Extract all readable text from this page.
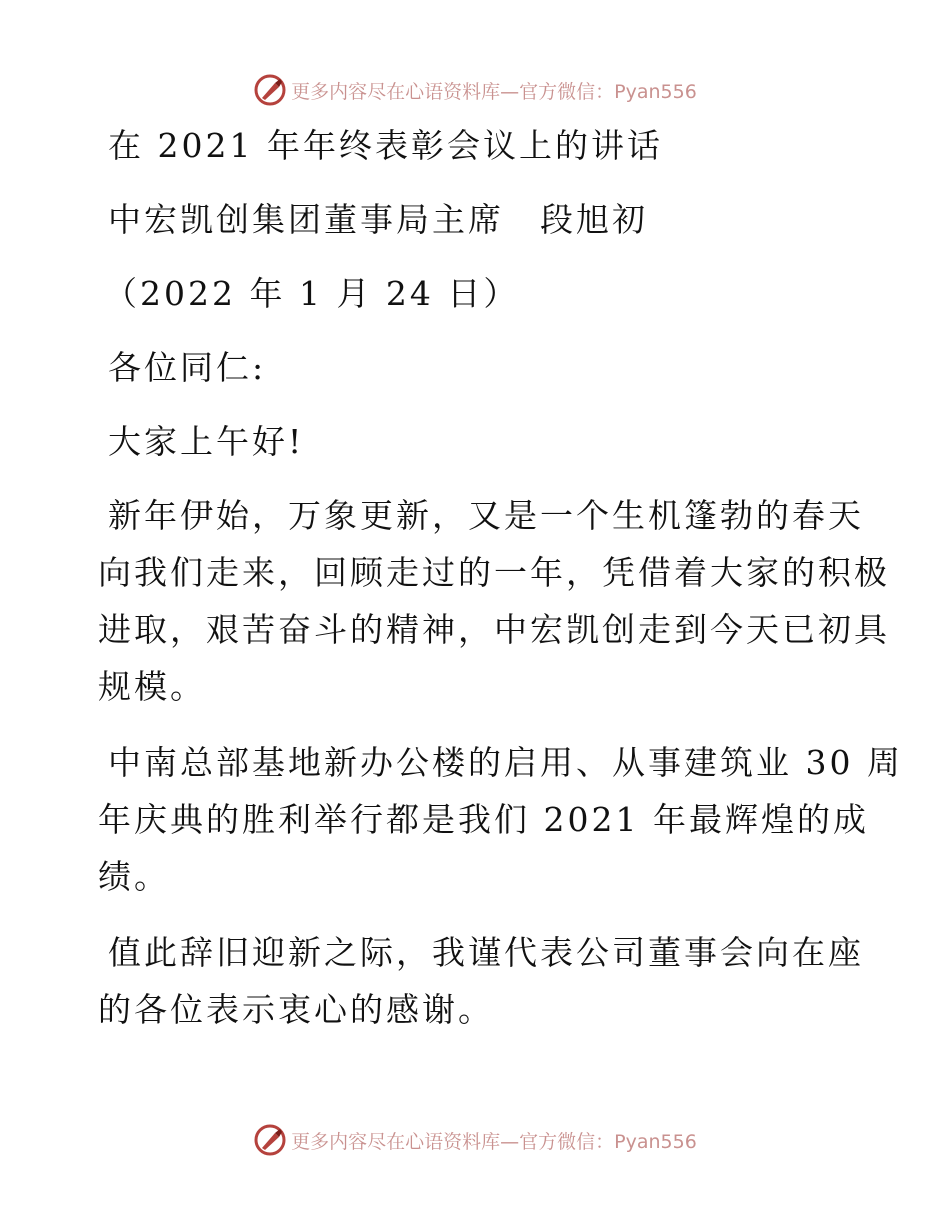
更多内容尽在心语资料库—官方微信：Pyan556
在 2021 年年终表彰会议上的讲话
中宏凯创集团董事局主席　段旭初
（2022 年 1 月 24 日）
各位同仁:
大家上午好!
新年伊始，万象更新，又是一个生机篷勃的春天
向我们走来，回顾走过的一年，凭借着大家的积极
进取，艰苦奋斗的精神，中宏凯创走到今天已初具
规模。
中南总部基地新办公楼的启用、从事建筑业 30 周
年庆典的胜利举行都是我们 2021 年最辉煌的成
绩。
值此辞旧迎新之际，我谨代表公司董事会向在座
的各位表示衷心的感谢。
更多内容尽在心语资料库—官方微信：Pyan556
